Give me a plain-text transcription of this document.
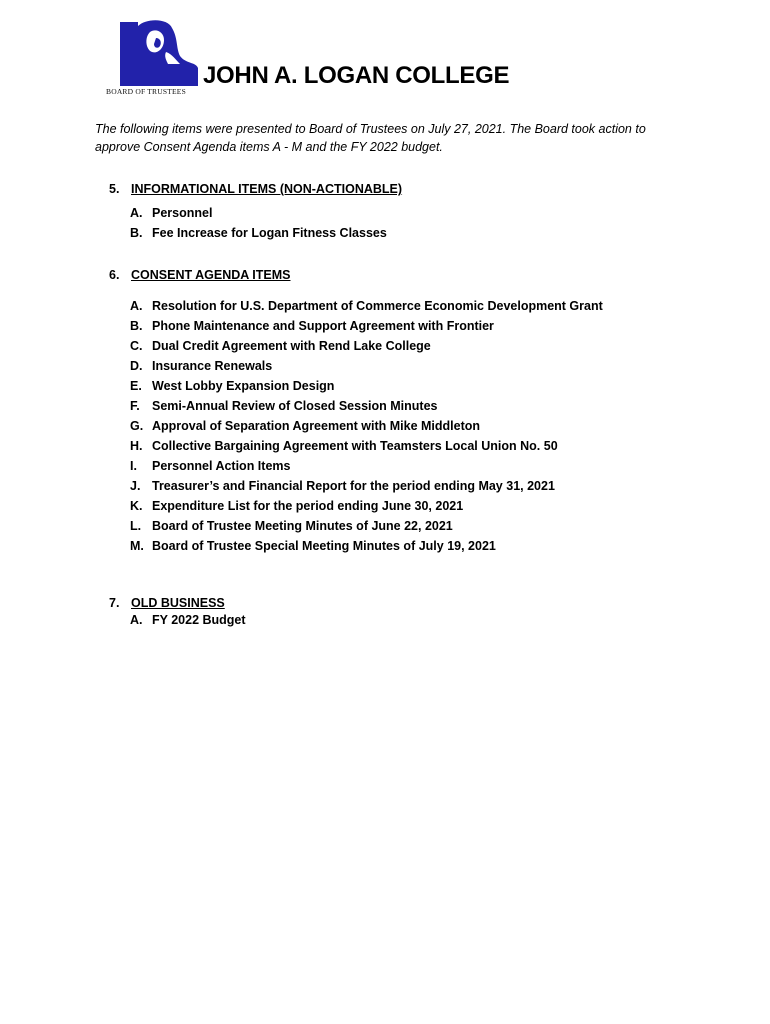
BOARD OF TRUSTEES
JOHN A. LOGAN COLLEGE
The following items were presented to Board of Trustees on July 27, 2021. The Board took action to approve Consent Agenda items A - M and the FY 2022 budget.
5. INFORMATIONAL ITEMS (NON-ACTIONABLE)
A. Personnel
B. Fee Increase for Logan Fitness Classes
6. CONSENT AGENDA ITEMS
A. Resolution for U.S. Department of Commerce Economic Development Grant
B. Phone Maintenance and Support Agreement with Frontier
C. Dual Credit Agreement with Rend Lake College
D. Insurance Renewals
E. West Lobby Expansion Design
F. Semi-Annual Review of Closed Session Minutes
G. Approval of Separation Agreement with Mike Middleton
H. Collective Bargaining Agreement with Teamsters Local Union No. 50
I.	Personnel Action Items
J. Treasurer’s and Financial Report for the period ending May 31, 2021
K. Expenditure List for the period ending June 30, 2021
L. Board of Trustee Meeting Minutes of June 22, 2021
M. Board of Trustee Special Meeting Minutes of July 19, 2021
7. OLD BUSINESS
A. FY 2022 Budget
